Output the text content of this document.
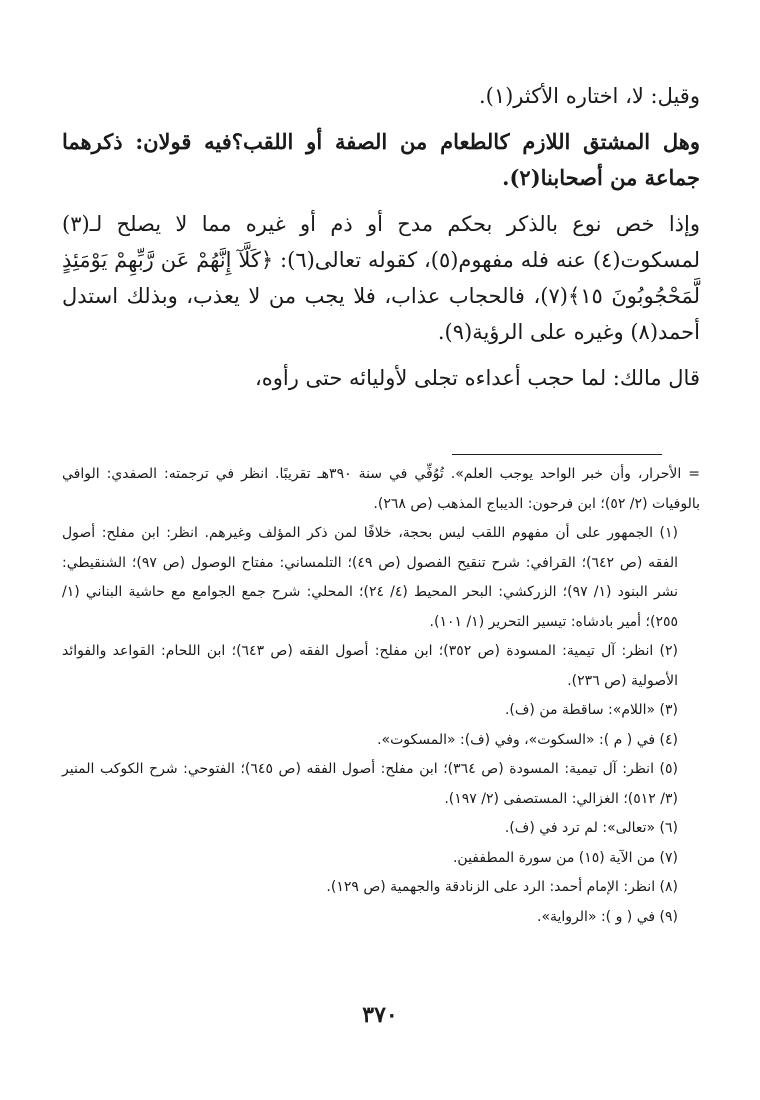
وقيل: لا، اختاره الأكثر(١).

وهل المشتق اللازم كالطعام من الصفة أو اللقب؟فيه قولان: ذكرهما جماعة من أصحابنا(٢).

وإذا خص نوع بالذكر بحكم مدح أو ذم أو غيره مما لا يصلح لـ(٣) لمسكوت(٤) عنه فله مفهوم(٥)، كقوله تعالى(٦): ﴿كَلَّآ إِنَّهُمْ عَن رَّبِّهِمْ يَوْمَئِذٍ لَّمَحْجُوبُونَ ١٥﴾(٧)، فالحجاب عذاب، فلا يجب من لا يعذب، وبذلك استدل أحمد(٨) وغيره على الرؤية(٩).

قال مالك: لما حجب أعداءه تجلى لأوليائه حتى رأوه،

= الأحرار، وأن خبر الواحد يوجب العلم». تُوُفِّي في سنة ٣٩٠هـ تقريبًا. انظر في ترجمته: الصفدي: الوافي بالوفيات (٢/ ٥٢)؛ ابن فرحون: الديباج المذهب (ص ٢٦٨).

(١) الجمهور على أن مفهوم اللقب ليس بحجة، خلافًا لمن ذكر المؤلف وغيرهم. انظر: ابن مفلح: أصول الفقه (ص ٦٤٢)؛ القرافي: شرح تنقيح الفصول (ص ٤٩)؛ التلمساني: مفتاح الوصول (ص ٩٧)؛ الشنقيطي: نشر البنود (١/ ٩٧)؛ الزركشي: البحر المحيط (٤/ ٢٤)؛ المحلي: شرح جمع الجوامع مع حاشية البناني (١/ ٢٥٥)؛ أمير بادشاه: تيسير التحرير (١/ ١٠١).

(٢) انظر: آل تيمية: المسودة (ص ٣٥٢)؛ ابن مفلح: أصول الفقه (ص ٦٤٣)؛ ابن اللحام: القواعد والفوائد الأصولية (ص ٢٣٦).

(٣) «اللام»: ساقطة من (ف).

(٤) في ( م ): «السكوت»، وفي (ف): «المسكوت».

(٥) انظر: آل تيمية: المسودة (ص ٣٦٤)؛ ابن مفلح: أصول الفقه (ص ٦٤٥)؛ الفتوحي: شرح الكوكب المنير (٣/ ٥١٢)؛ الغزالي: المستصفى (٢/ ١٩٧).

(٦) «تعالى»: لم ترد في (ف).

(٧) من الآية (١٥) من سورة المطففين.

(٨) انظر: الإمام أحمد: الرد على الزنادقة والجهمية (ص ١٢٩).

(٩) في ( و ): «الرواية».

٣٧٠
